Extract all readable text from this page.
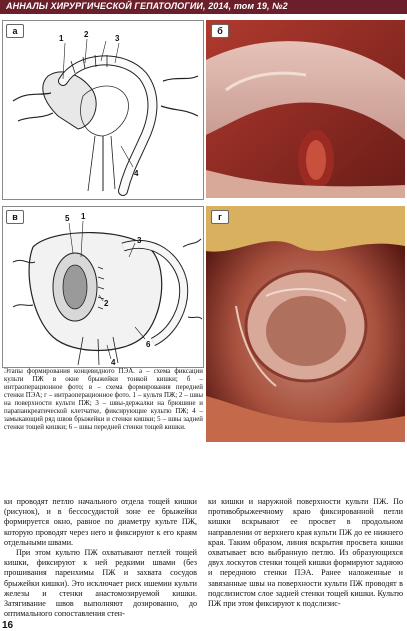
АННАЛЫ ХИРУРГИЧЕСКОЙ ГЕПАТОЛОГИИ, 2014, том 19, №2
1	2	3
4
а	б
5 1
3
2
6
4
в	г
Этапы формирования концевидного ПЭА. а – схема фиксации культи ПЖ в окне брыжейки тонкой кишки; б – интраоперационное фото; в – схема формирования передней стенки ПЭА; г – интраоперационное фото. 1 – культя ПЖ; 2 – швы на поверхности культи ПЖ; 3 – швы-держалки на брюшине и парапанкреатической клетчатке, фиксирующие культю ПЖ; 4 – замыкающий ряд швов брыжейки и стенки кишки; 5 – швы задней стенки тощей кишки; 6 – швы передней стенки тощей кишки.

ки проводят петлю начального отдела тощей кишки (рисунок), и в бессосудистой зоне ее брыжейки формируется окно, равное по диаметру культе ПЖ, которую проводят через него и фиксируют к его краям отдельными швами.

При этом культю ПЖ охватывают петлей тощей кишки, фиксируют к ней редкими швами (без прошивания паренхимы ПЖ и захвата сосудов брыжейки кишки). Это исключает риск ишемии культи железы и стенки анастомозируемой кишки. Затягивание швов выполняют дозированно, до оптимального сопоставления стен-

ки кишки и наружной поверхности культи ПЖ. По противобрыжеечному краю фиксированной петли кишки вскрывают ее просвет в продольном направлении от верхнего края культи ПЖ до ее нижнего края. Таким образом, линия вскрытия просвета кишки охватывает всю выбранную петлю. Из образующихся двух лоскутов стенки тощей кишки формируют заднюю и переднюю стенки ПЭА. Ранее наложенные и завязанные швы на поверхности культи ПЖ проводят в подслизистом слое задней стенки тощей кишки. Культю ПЖ при этом фиксируют к подслизис-

16
